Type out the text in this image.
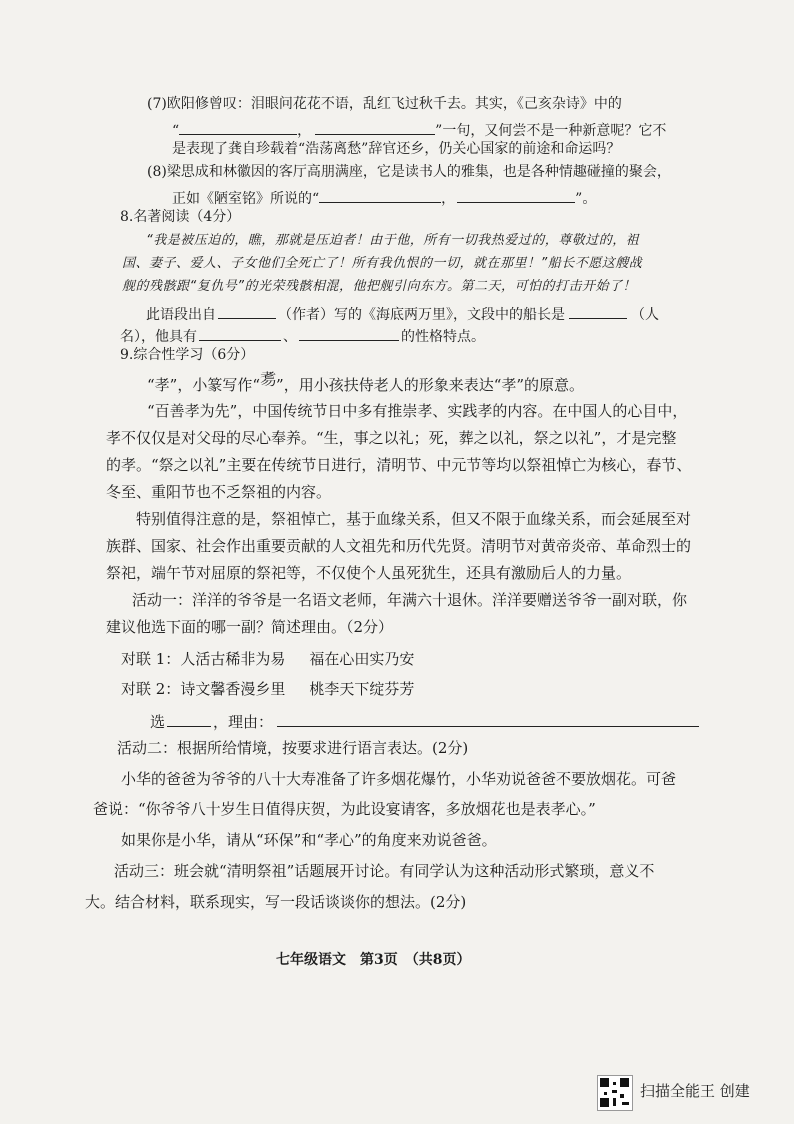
(7)欧阳修曾叹：泪眼问花花不语，乱红飞过秋千去。其实，《己亥杂诗》中的
“	，	”一句，又何尝不是一种新意呢？它不
是表现了龚自珍载着“浩荡离愁”辞官还乡，仍关心国家的前途和命运吗？
(8)梁思成和林徽因的客厅高朋满座，它是读书人的雅集，也是各种情趣碰撞的聚会，
正如《陋室铭》所说的“	，	”。
8.名著阅读（4分）
“我是被压迫的，瞧，那就是压迫者！由于他，所有一切我热爱过的，尊敬过的，祖
国、妻子、爱人、子女他们全死亡了！所有我仇恨的一切，就在那里！”船长不愿这艘战
舰的残骸跟“复仇号”的光荣残骸相混，他把舰引向东方。第二天，可怕的打击开始了！
此语段出自	（作者）写的《海底两万里》，文段中的船长是	（人
名），他具有	、	的性格特点。
9.综合性学习（6分）
“孝”，小篆写作“𦒸”，用小孩扶侍老人的形象来表达“孝”的原意。
“百善孝为先”，中国传统节日中多有推崇孝、实践孝的内容。在中国人的心目中，
孝不仅仅是对父母的尽心奉养。“生，事之以礼；死，葬之以礼，祭之以礼”，才是完整
的孝。“祭之以礼”主要在传统节日进行，清明节、中元节等均以祭祖悼亡为核心，春节、
冬至、重阳节也不乏祭祖的内容。
特别值得注意的是，祭祖悼亡，基于血缘关系，但又不限于血缘关系，而会延展至对
族群、国家、社会作出重要贡献的人文祖先和历代先贤。清明节对黄帝炎帝、革命烈士的
祭祀，端午节对屈原的祭祀等，不仅使个人虽死犹生，还具有激励后人的力量。
活动一：洋洋的爷爷是一名语文老师，年满六十退休。洋洋要赠送爷爷一副对联，你
建议他选下面的哪一副？简述理由。（2分）
对联 1：人活古稀非为易 福在心田实乃安
对联 2：诗文馨香漫乡里 桃李天下绽芬芳
选	，理由：
活动二：根据所给情境，按要求进行语言表达。(2分)
小华的爸爸为爷爷的八十大寿准备了许多烟花爆竹，小华劝说爸爸不要放烟花。可爸
爸说：“你爷爷八十岁生日值得庆贺，为此设宴请客，多放烟花也是表孝心。”
如果你是小华，请从“环保”和“孝心”的角度来劝说爸爸。
活动三：班会就“清明祭祖”话题展开讨论。有同学认为这种活动形式繁琐，意义不
大。结合材料，联系现实，写一段话谈谈你的想法。(2分)
七年级语文　第3页　（共8页）
扫描全能王 创建
